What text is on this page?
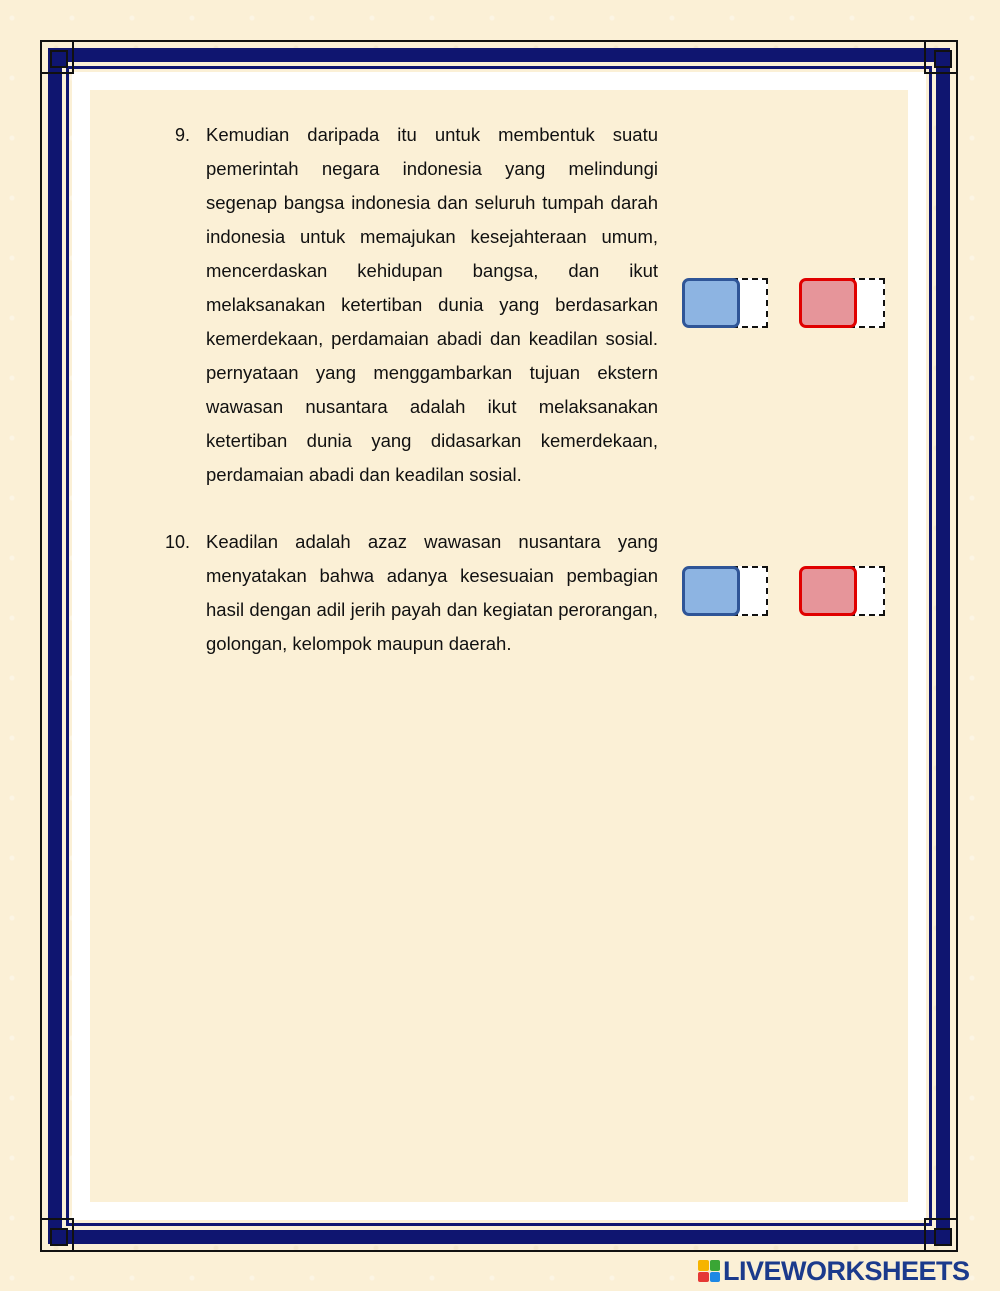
9. Kemudian daripada itu untuk membentuk suatu pemerintah negara indonesia yang melindungi segenap bangsa indonesia dan seluruh tumpah darah indonesia untuk memajukan kesejahteraan umum, mencerdaskan kehidupan bangsa, dan ikut melaksanakan ketertiban dunia yang berdasarkan kemerdekaan, perdamaian abadi dan keadilan sosial. pernyataan yang menggambarkan tujuan ekstern wawasan nusantara adalah ikut melaksanakan ketertiban dunia yang didasarkan kemerdekaan, perdamaian abadi dan keadilan sosial.
10. Keadilan adalah azaz wawasan nusantara yang menyatakan bahwa adanya kesesuaian pembagian hasil dengan adil jerih payah dan kegiatan perorangan, golongan, kelompok maupun daerah.
LIVEWORKSHEETS
